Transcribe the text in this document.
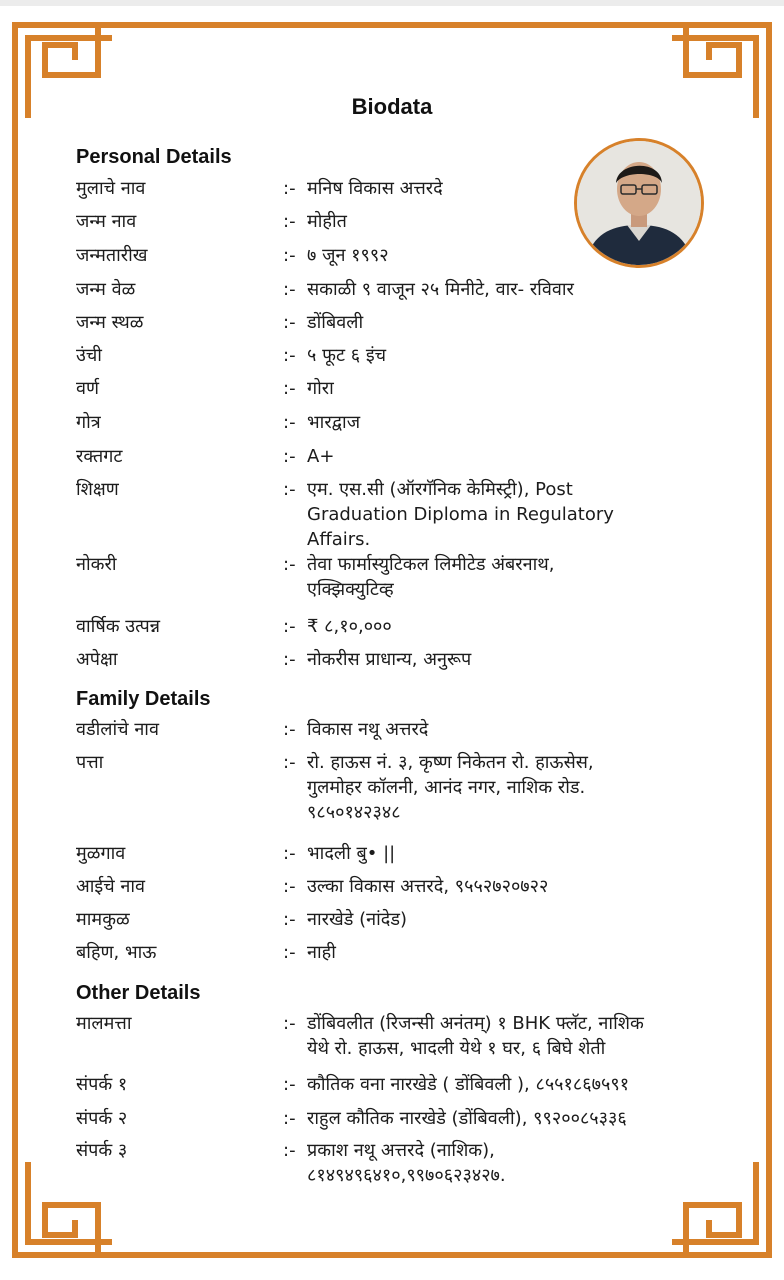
Biodata
Personal Details
Family Details
Other Details
मुलाचे नाव	:- मनिष विकास अत्तरदे
जन्म नाव	:- मोहीत
जन्मतारीख	:- ७ जून १९९२
जन्म वेळ	:- सकाळी ९ वाजून २५ मिनीटे, वार- रविवार
जन्म स्थळ	:- डोंबिवली
उंची	:- ५ फूट ६ इंच
वर्ण	:- गोरा
गोत्र	:- भारद्वाज
रक्तगट	:- A+
शिक्षण	:- एम. एस.सी (ऑरगॅनिक केमिस्ट्री), Post
Graduation Diploma in Regulatory
Affairs.
नोकरी	:- तेवा फार्मास्युटिकल लिमीटेड अंबरनाथ,
एक्झिक्युटिव्ह
वार्षिक उत्पन्न	:- ₹ ८,१०,०००
अपेक्षा	:- नोकरीस प्राधान्य, अनुरूप
वडीलांचे नाव	:- विकास नथू अत्तरदे
पत्ता	:- रो. हाऊस नं. ३, कृष्ण निकेतन रो. हाऊसेस,
गुलमोहर कॉलनी, आनंद नगर, नाशिक रोड.
९८५०१४२३४८
मुळगाव	:- भादली बु• ||
आईचे नाव	:- उल्का विकास अत्तरदे, ९५५२७२०७२२
मामकुळ	:- नारखेडे (नांदेड)
बहिण, भाऊ	:- नाही
मालमत्ता	:- डोंबिवलीत (रिजन्सी अनंतम्) १ BHK फ्लॅट, नाशिक
येथे रो. हाऊस, भादली येथे १ घर, ६ बिघे शेती
संपर्क १	:- कौतिक वना नारखेडे ( डोंबिवली ), ८५५१८६७५९१
संपर्क २	:- राहुल कौतिक नारखेडे (डोंबिवली), ९९२००८५३३६
संपर्क ३	:- प्रकाश नथू अत्तरदे (नाशिक),
८१४९४९६४१०,९९७०६२३४२७.
